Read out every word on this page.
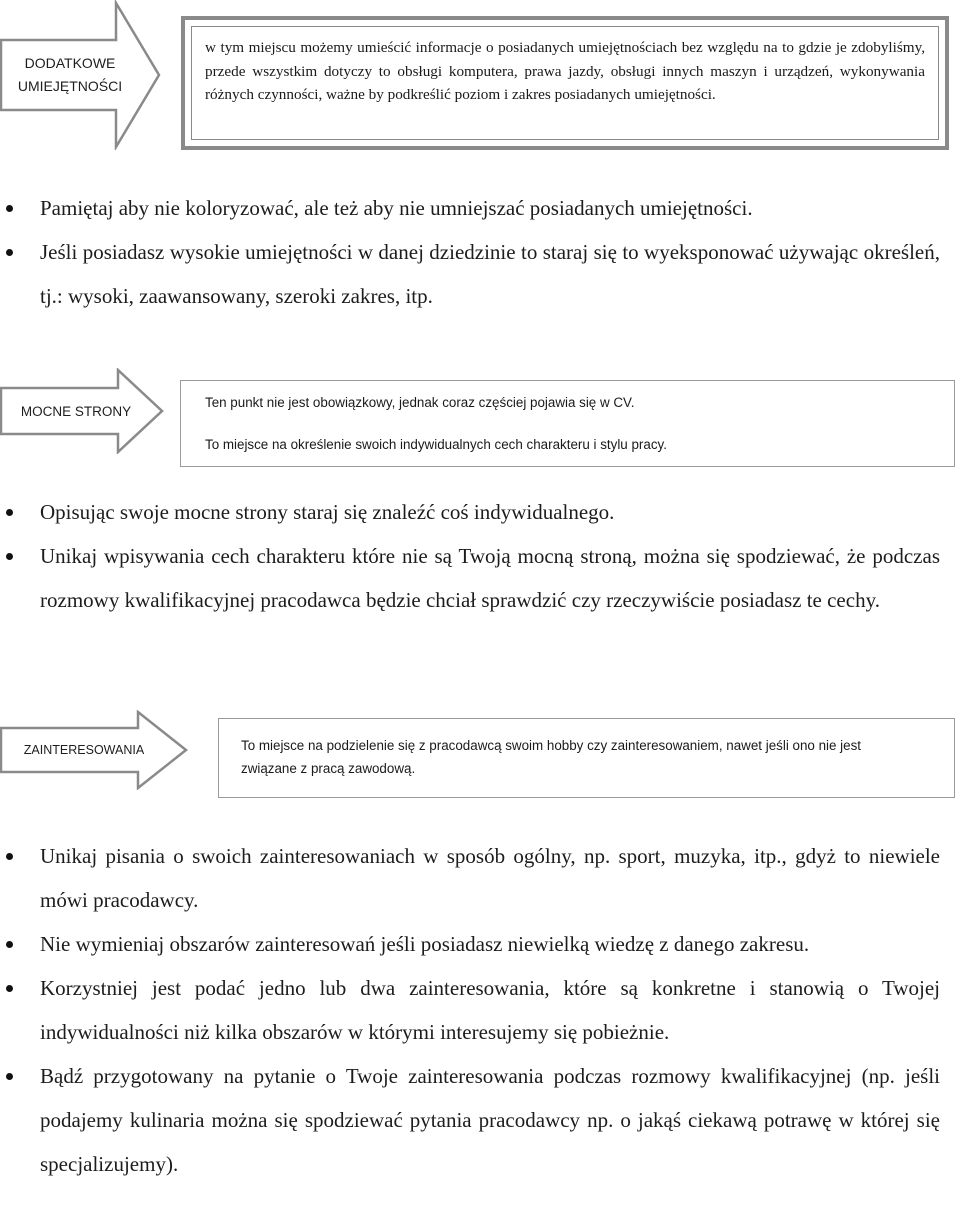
DODATKOWE
UMIEJĘTNOŚCI
w tym miejscu możemy umieścić informacje o posiadanych umiejętnościach bez względu na to gdzie je zdobyliśmy, przede wszystkim dotyczy to obsługi komputera, prawa jazdy, obsługi innych maszyn i urządzeń, wykonywania różnych czynności, ważne by podkreślić poziom i zakres posiadanych umiejętności.
Pamiętaj aby nie koloryzować, ale też aby nie umniejszać posiadanych umiejętności.
Jeśli posiadasz wysokie umiejętności w danej dziedzinie to staraj się to wyeksponować używając określeń, tj.: wysoki, zaawansowany, szeroki zakres, itp.
MOCNE STRONY
Ten punkt nie jest obowiązkowy, jednak coraz częściej pojawia się w CV.
To miejsce na określenie swoich indywidualnych cech charakteru i stylu pracy.
Opisując swoje mocne strony staraj się znaleźć coś indywidualnego.
Unikaj wpisywania cech charakteru które nie są Twoją mocną stroną, można się spodziewać, że podczas rozmowy kwalifikacyjnej pracodawca będzie chciał sprawdzić czy rzeczywiście posiadasz te cechy.
ZAINTERESOWANIA	To miejsce na podzielenie się z pracodawcą swoim hobby czy zainteresowaniem, nawet jeśli ono nie jest związane z pracą zawodową.
Unikaj pisania o swoich zainteresowaniach w sposób ogólny, np. sport, muzyka, itp., gdyż to niewiele mówi pracodawcy.
Nie wymieniaj obszarów zainteresowań jeśli posiadasz niewielką wiedzę z danego zakresu.
Korzystniej jest podać jedno lub dwa zainteresowania, które są konkretne i stanowią o Twojej indywidualności niż kilka obszarów w którymi interesujemy się pobieżnie.
Bądź przygotowany na pytanie o Twoje zainteresowania podczas rozmowy kwalifikacyjnej (np. jeśli podajemy kulinaria można się spodziewać pytania pracodawcy np. o jakąś ciekawą potrawę w której się specjalizujemy).
